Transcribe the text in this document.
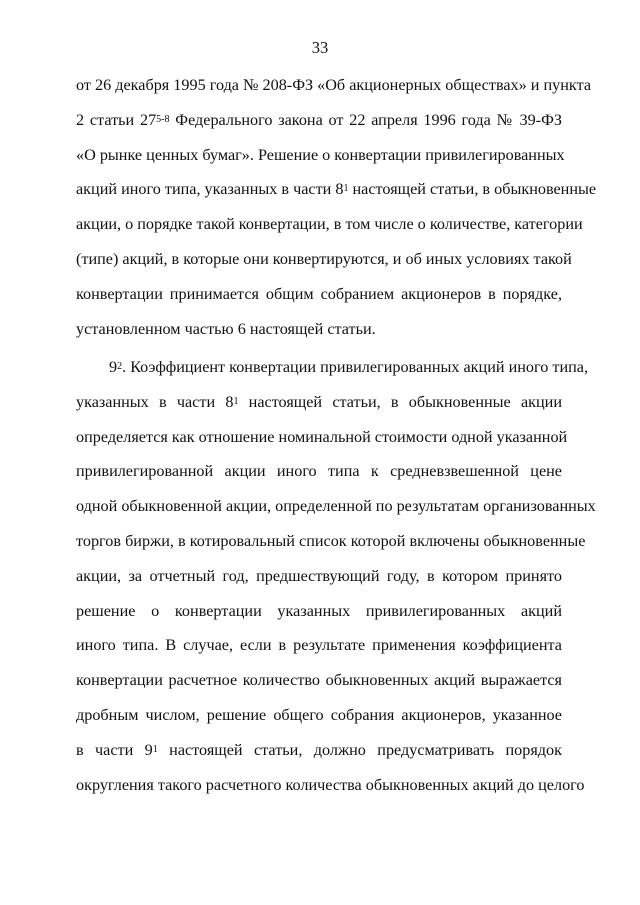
33
от 26 декабря 1995 года № 208-ФЗ «Об акционерных обществах» и пункта
2 статьи 27$^{5-8}$ Федерального закона от 22 апреля 1996 года № 39-ФЗ
«О рынке ценных бумаг». Решение о конвертации привилегированных
акций иного типа, указанных в части $8^1$ настоящей статьи, в обыкновенные
акции, о порядке такой конвертации, в том числе о количестве, категории
(типе) акций, в которые они конвертируются, и об иных условиях такой
конвертации принимается общим собранием акционеров в порядке,
установленном частью 6 настоящей статьи.
$9^2$. Коэффициент конвертации привилегированных акций иного типа,
указанных в части $8^1$ настоящей статьи, в обыкновенные акции
определяется как отношение номинальной стоимости одной указанной
привилегированной акции иного типа к средневзвешенной цене
одной обыкновенной акции, определенной по результатам организованных
торгов биржи, в котировальный список которой включены обыкновенные
акции, за отчетный год, предшествующий году, в котором принято
решение о конвертации указанных привилегированных акций
иного типа. В случае, если в результате применения коэффициента
конвертации расчетное количество обыкновенных акций выражается
дробным числом, решение общего собрания акционеров, указанное
в части $9^1$ настоящей статьи, должно предусматривать порядок
округления такого расчетного количества обыкновенных акций до целого
